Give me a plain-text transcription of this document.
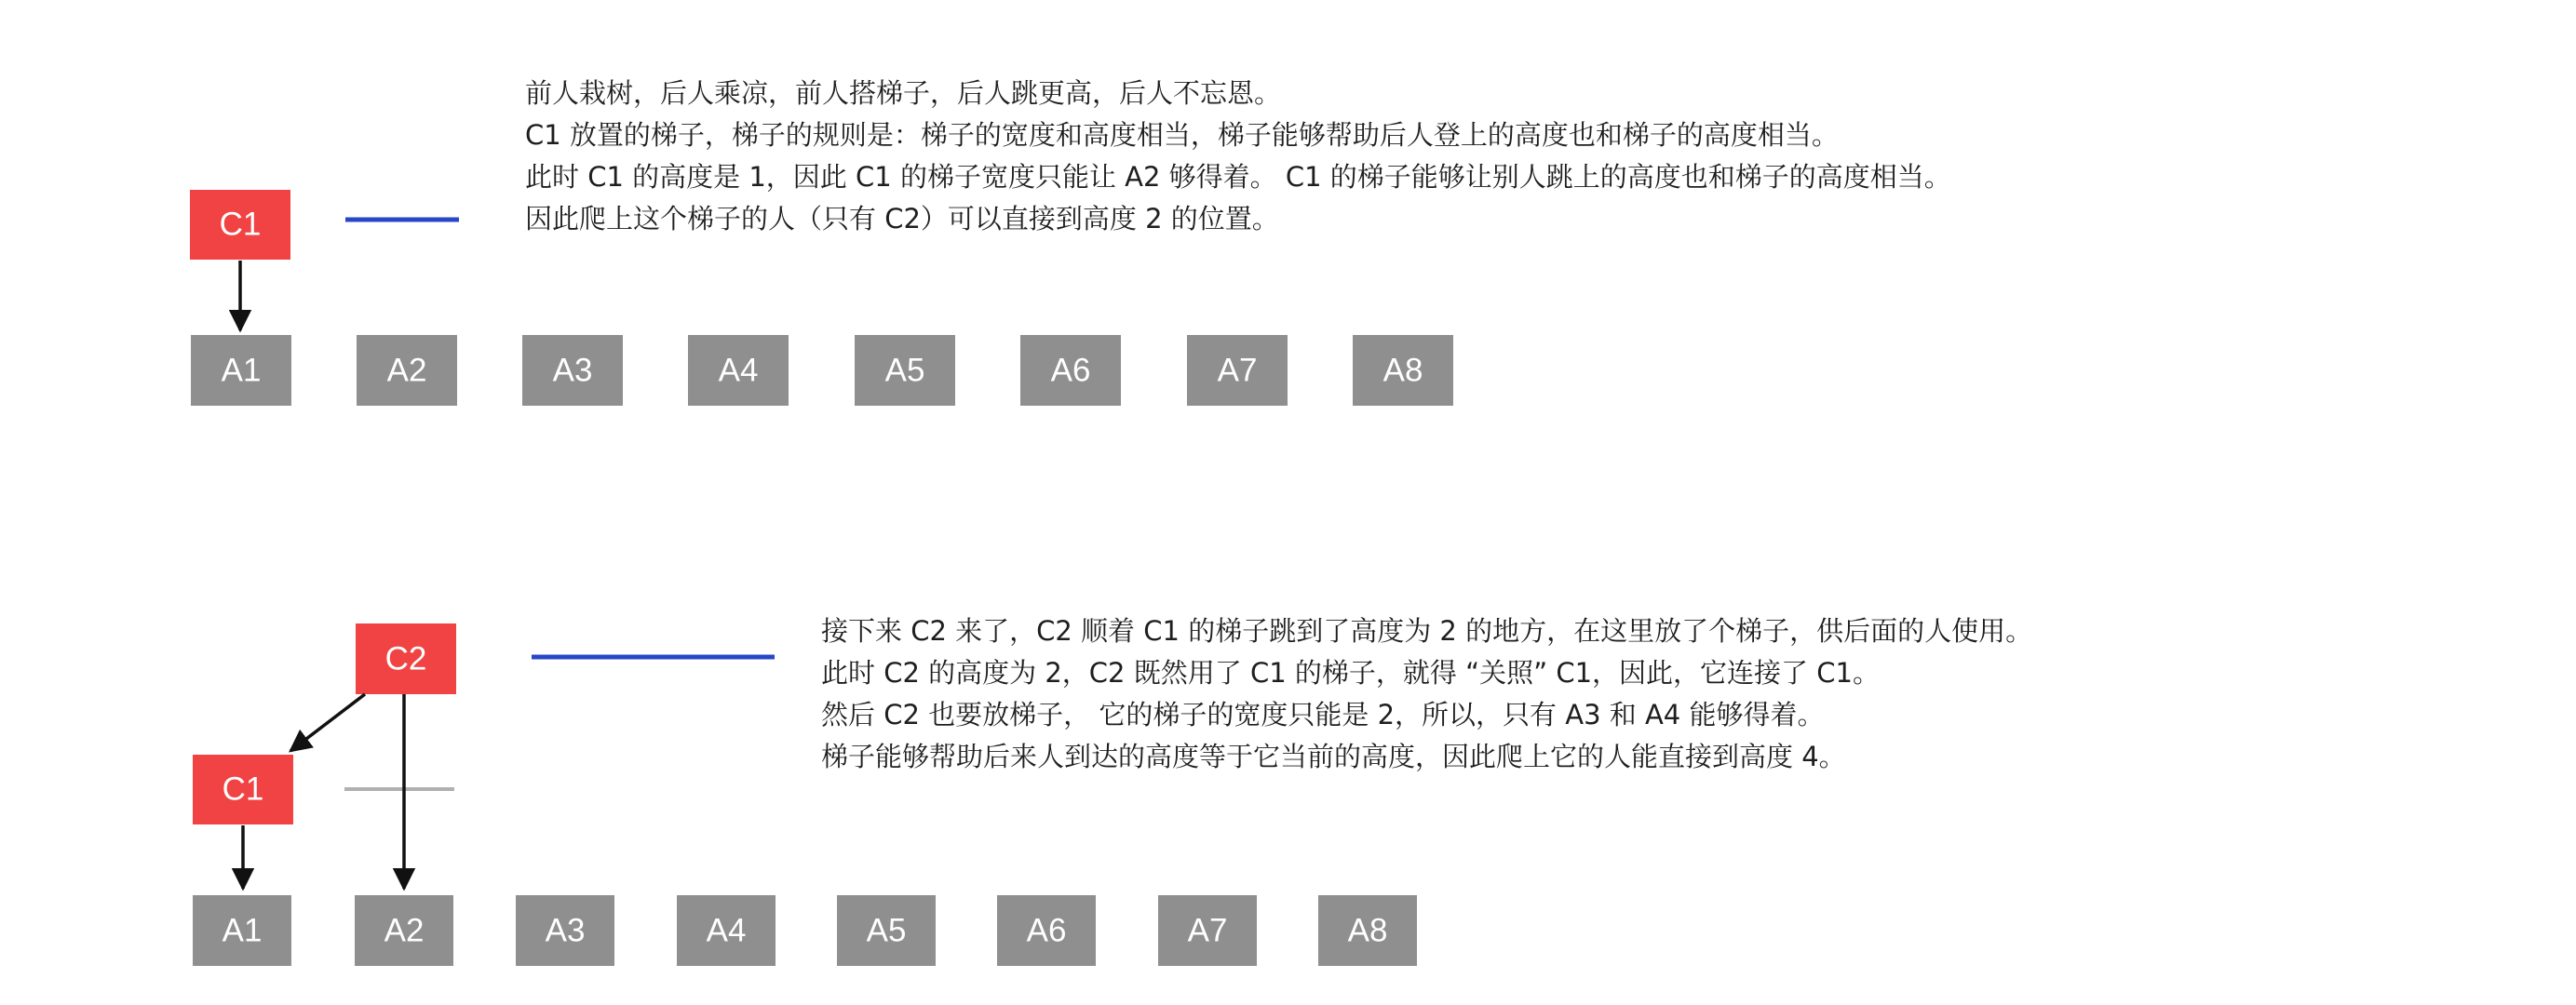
C1
A1	A2	A3	A4	A5	A6	A7	A8
C2
C1
A1	A2	A3	A4	A5	A6	A7	A8
前人栽树，后人乘凉，前人搭梯子，后人跳更高，后人不忘恩。
C1 放置的梯子，梯子的规则是：梯子的宽度和高度相当，梯子能够帮助后人登上的高度也和梯子的高度相当。
此时 C1 的高度是 1，因此 C1 的梯子宽度只能让 A2 够得着。 C1 的梯子能够让别人跳上的高度也和梯子的高度相当。
因此爬上这个梯子的人（只有 C2）可以直接到高度 2 的位置。
接下来 C2 来了，C2 顺着 C1 的梯子跳到了高度为 2 的地方，在这里放了个梯子，供后面的人使用。
此时 C2 的高度为 2，C2 既然用了 C1 的梯子，就得 “关照” C1，因此，它连接了 C1。
然后 C2 也要放梯子， 它的梯子的宽度只能是 2，所以，只有 A3 和 A4 能够得着。
梯子能够帮助后来人到达的高度等于它当前的高度，因此爬上它的人能直接到高度 4。
